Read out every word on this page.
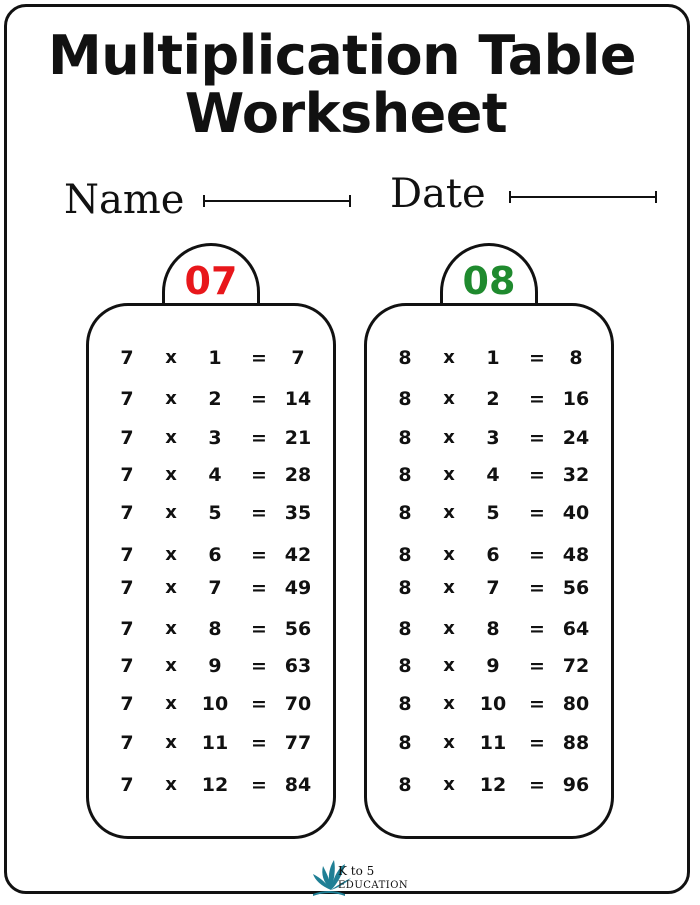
Multiplication Table
Worksheet
Name	Date
07
7	x	1	=	7
7	x	2	= 14
7	x	3	= 21
7	x	4	= 28
7	x	5	= 35
7	x	6	= 42
7	x	7	= 49
7	x	8	= 56
7	x	9	= 63
7	x	10 = 70
7	x	11 = 77
7	x	12 = 84
08
8	x	1	=	8
8	x	2	= 16
8	x	3	= 24
8	x	4	= 32
8	x	5	= 40
8	x	6	= 48
8	x	7	= 56
8	x	8	= 64
8	x	9	= 72
8	x	10 = 80
8	x	11 = 88
8	x	12 = 96
K to 5
EDUCATION
